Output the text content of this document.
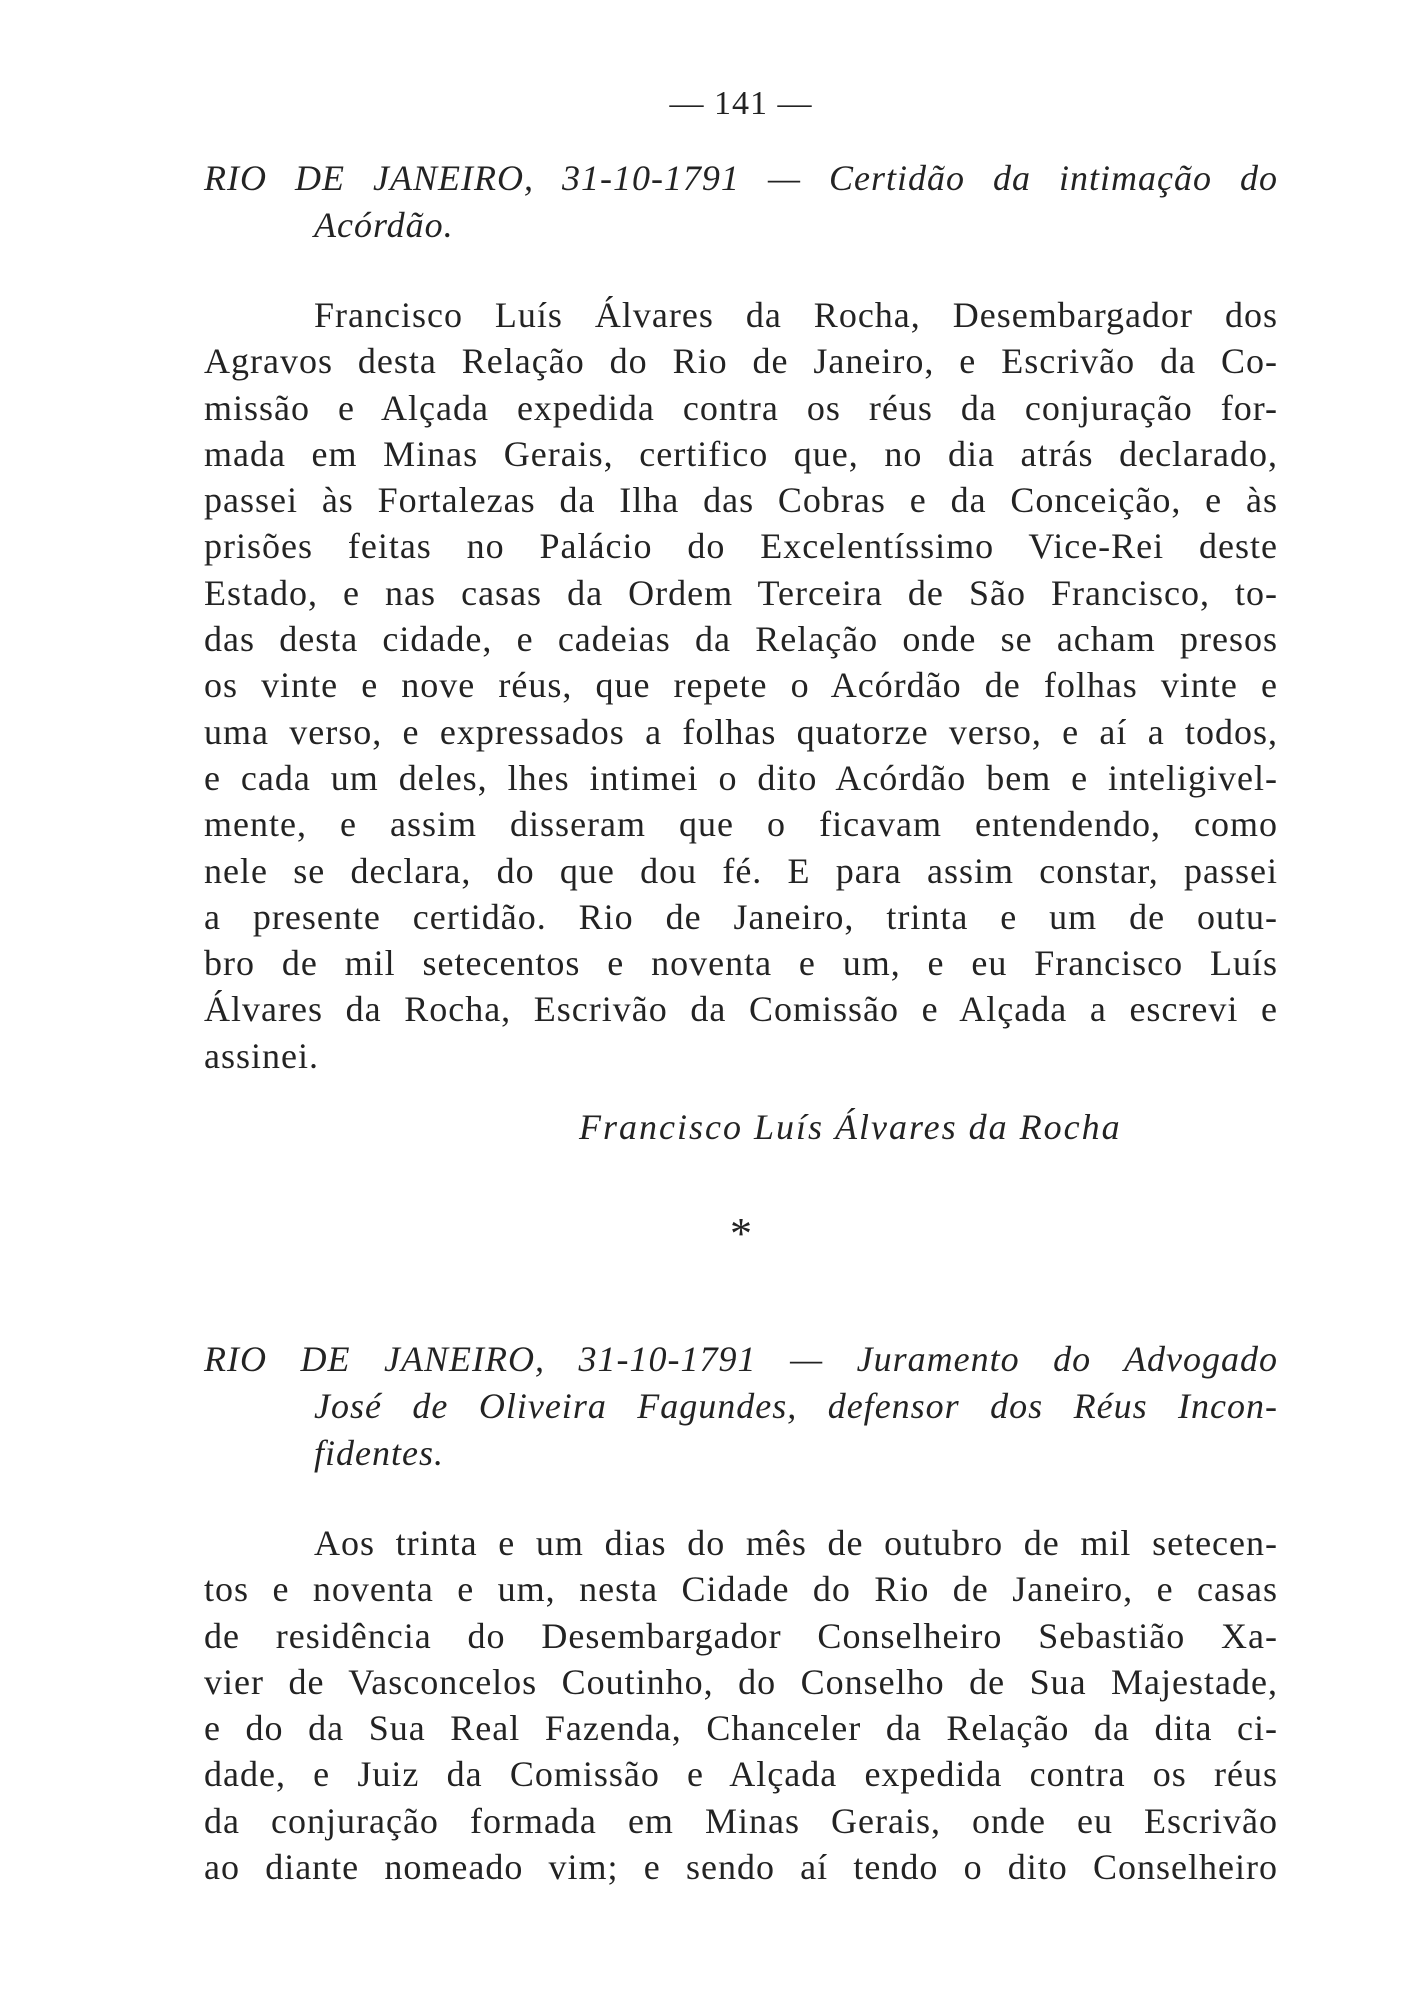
— 141 —
RIO DE JANEIRO, 31-10-1791 — Certidão da intimação do
Acórdão.
Francisco Luís Álvares da Rocha, Desembargador dos
Agravos desta Relação do Rio de Janeiro, e Escrivão da Co-
missão e Alçada expedida contra os réus da conjuração for-
mada em Minas Gerais, certifico que, no dia atrás declarado,
passei às Fortalezas da Ilha das Cobras e da Conceição, e às
prisões feitas no Palácio do Excelentíssimo Vice-Rei deste
Estado, e nas casas da Ordem Terceira de São Francisco, to-
das desta cidade, e cadeias da Relação onde se acham presos
os vinte e nove réus, que repete o Acórdão de folhas vinte e
uma verso, e expressados a folhas quatorze verso, e aí a todos,
e cada um deles, lhes intimei o dito Acórdão bem e inteligivel-
mente, e assim disseram que o ficavam entendendo, como
nele se declara, do que dou fé. E para assim constar, passei
a presente certidão. Rio de Janeiro, trinta e um de outu-
bro de mil setecentos e noventa e um, e eu Francisco Luís
Álvares da Rocha, Escrivão da Comissão e Alçada a escrevi e
assinei.
Francisco Luís Álvares da Rocha
*
RIO DE JANEIRO, 31-10-1791 — Juramento do Advogado
José de Oliveira Fagundes, defensor dos Réus Incon-
fidentes.
Aos trinta e um dias do mês de outubro de mil setecen-
tos e noventa e um, nesta Cidade do Rio de Janeiro, e casas
de residência do Desembargador Conselheiro Sebastião Xa-
vier de Vasconcelos Coutinho, do Conselho de Sua Majestade,
e do da Sua Real Fazenda, Chanceler da Relação da dita ci-
dade, e Juiz da Comissão e Alçada expedida contra os réus
da conjuração formada em Minas Gerais, onde eu Escrivão
ao diante nomeado vim; e sendo aí tendo o dito Conselheiro
